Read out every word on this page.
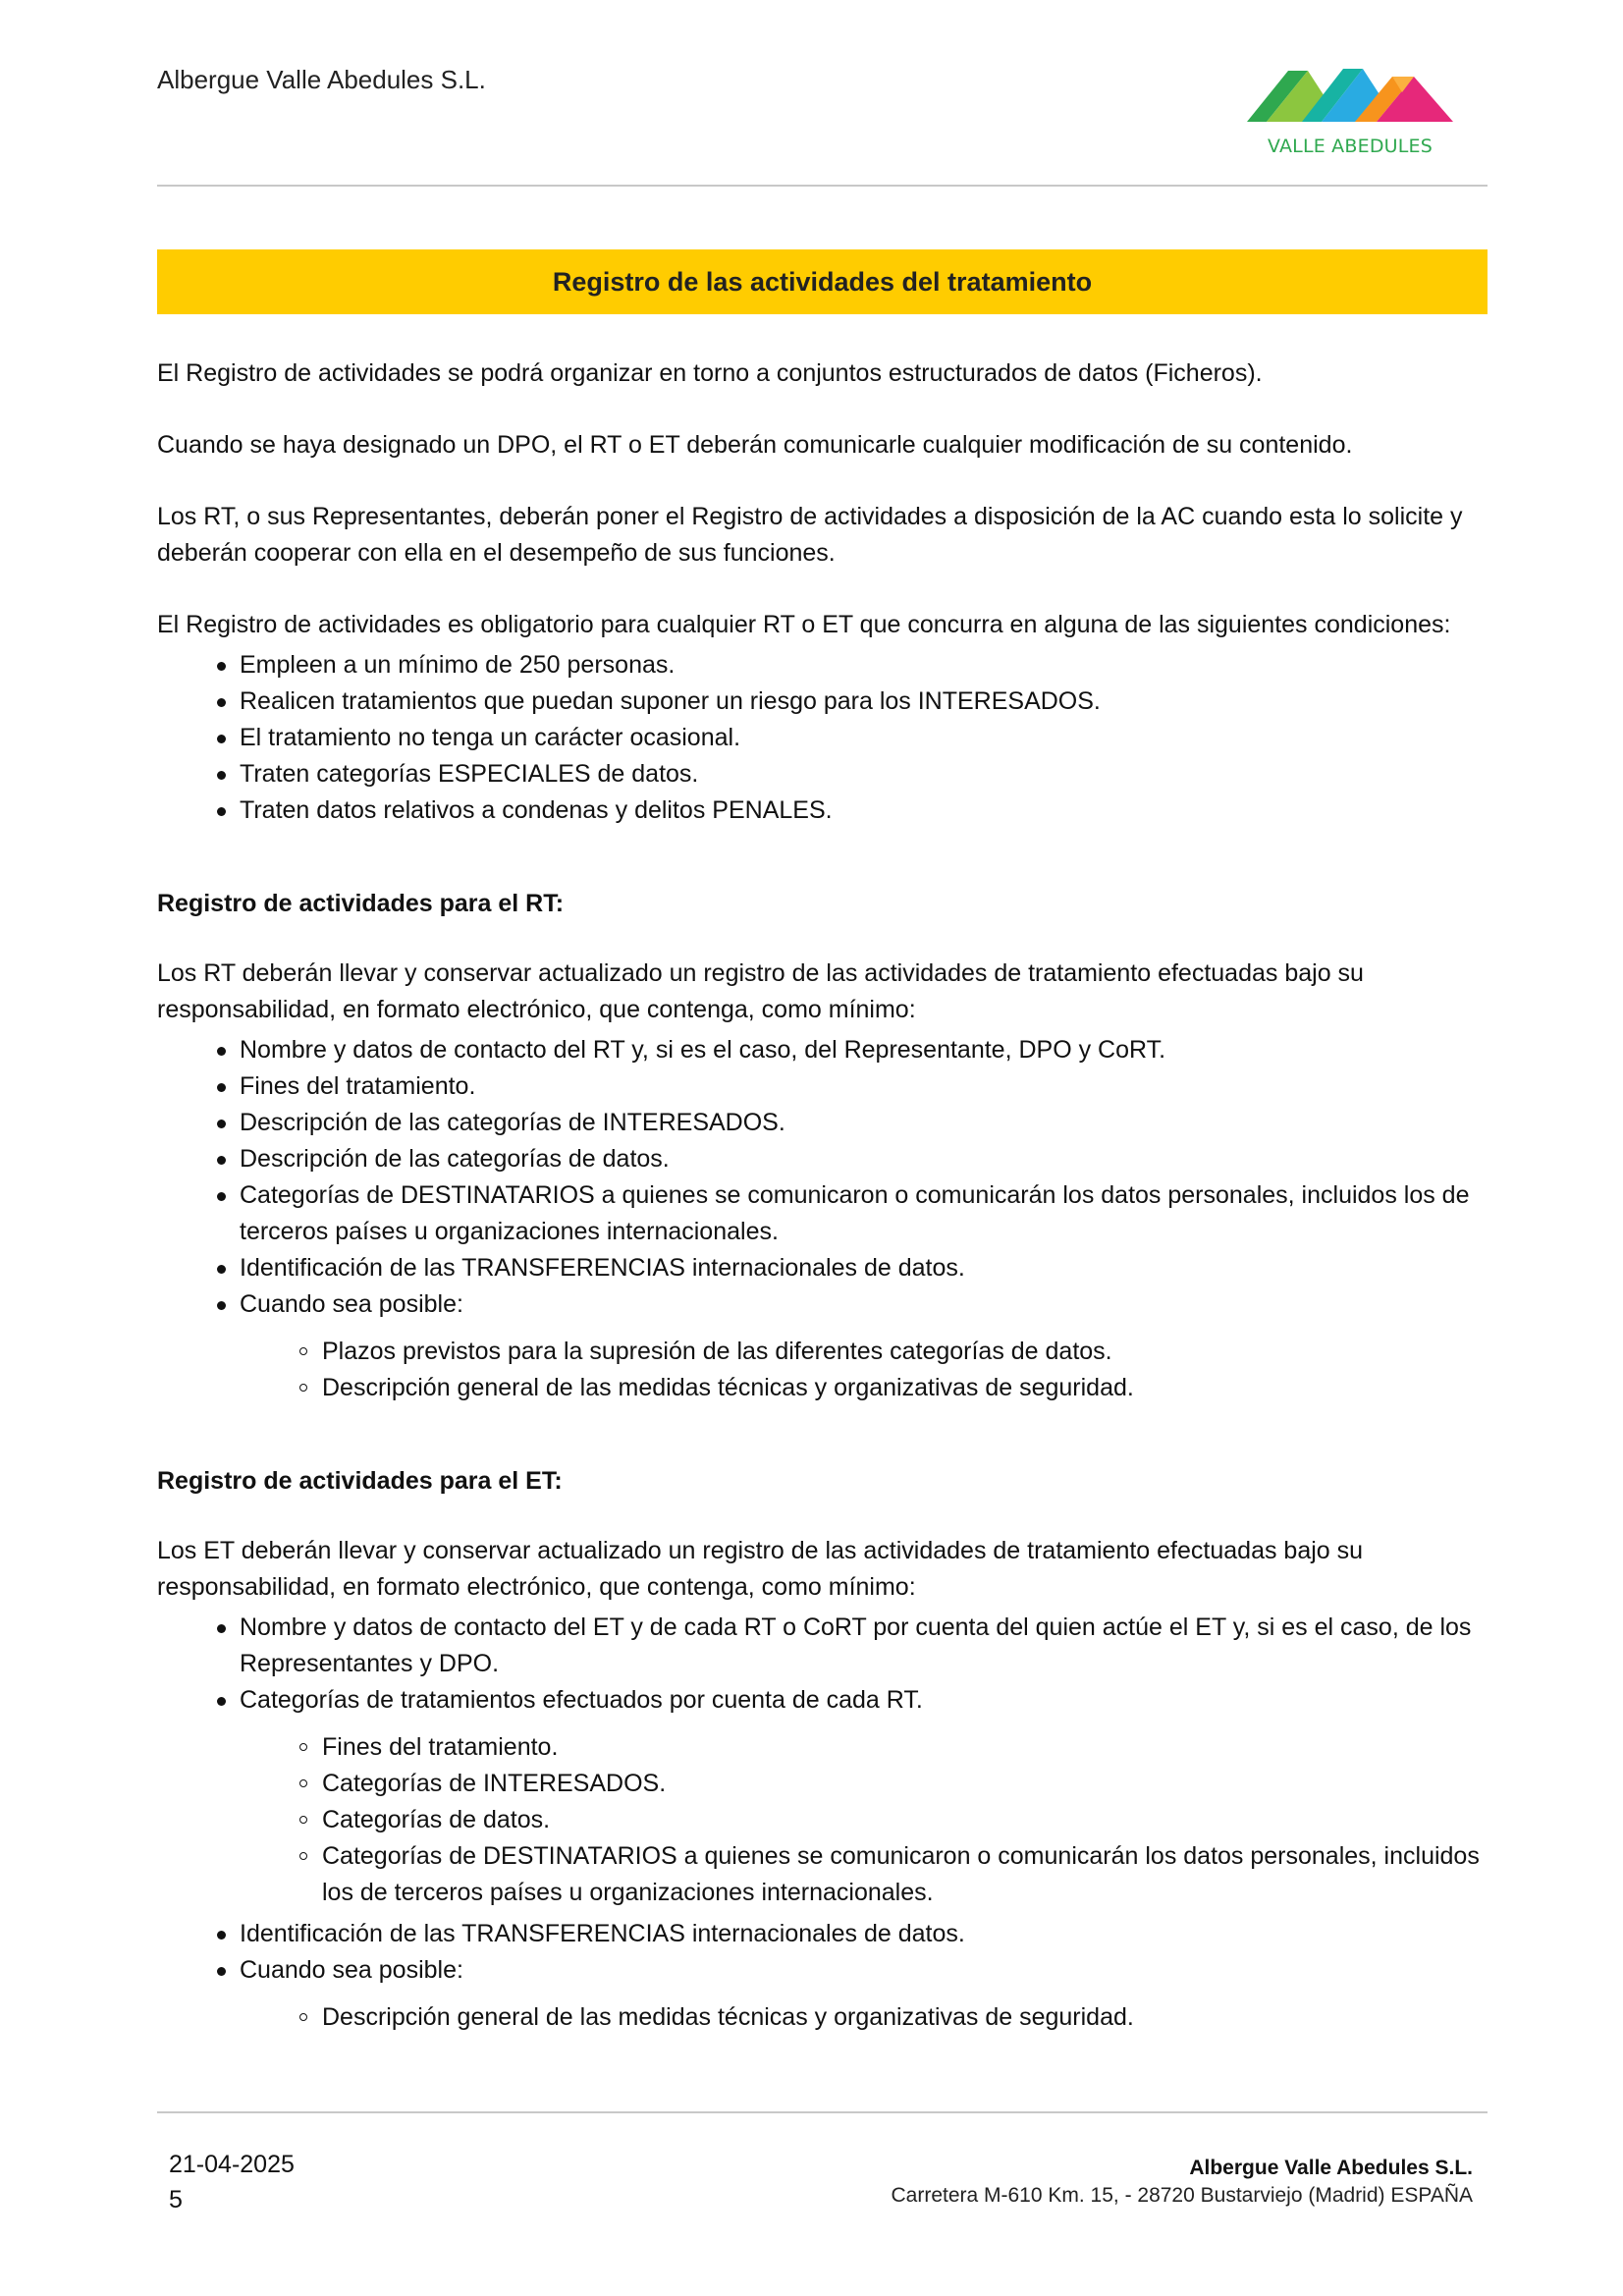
Albergue Valle Abedules S.L.
VALLE ABEDULES
Registro de las actividades del tratamiento

El Registro de actividades se podrá organizar en torno a conjuntos estructurados de datos (Ficheros).

Cuando se haya designado un DPO, el RT o ET deberán comunicarle cualquier modificación de su contenido.

Los RT, o sus Representantes, deberán poner el Registro de actividades a disposición de la AC cuando esta lo solicite y deberán cooperar con ella en el desempeño de sus funciones.

El Registro de actividades es obligatorio para cualquier RT o ET que concurra en alguna de las siguientes condiciones:

Empleen a un mínimo de 250 personas.
Realicen tratamientos que puedan suponer un riesgo para los INTERESADOS.
El tratamiento no tenga un carácter ocasional.
Traten categorías ESPECIALES de datos.
Traten datos relativos a condenas y delitos PENALES.
Registro de actividades para el RT:

Los RT deberán llevar y conservar actualizado un registro de las actividades de tratamiento efectuadas bajo su responsabilidad, en formato electrónico, que contenga, como mínimo:

Nombre y datos de contacto del RT y, si es el caso, del Representante, DPO y CoRT.
Fines del tratamiento.
Descripción de las categorías de INTERESADOS.
Descripción de las categorías de datos.
Categorías de DESTINATARIOS a quienes se comunicaron o comunicarán los datos personales, incluidos los de terceros países u organizaciones internacionales.
Identificación de las TRANSFERENCIAS internacionales de datos.
Cuando sea posible:
Plazos previstos para la supresión de las diferentes categorías de datos.
Descripción general de las medidas técnicas y organizativas de seguridad.
Registro de actividades para el ET:

Los ET deberán llevar y conservar actualizado un registro de las actividades de tratamiento efectuadas bajo su responsabilidad, en formato electrónico, que contenga, como mínimo:

Nombre y datos de contacto del ET y de cada RT o CoRT por cuenta del quien actúe el ET y, si es el caso, de los Representantes y DPO.
Categorías de tratamientos efectuados por cuenta de cada RT.
Fines del tratamiento.
Categorías de INTERESADOS.
Categorías de datos.
Categorías de DESTINATARIOS a quienes se comunicaron o comunicarán los datos personales, incluidos los de terceros países u organizaciones internacionales.
Identificación de las TRANSFERENCIAS internacionales de datos.
Cuando sea posible:
Descripción general de las medidas técnicas y organizativas de seguridad.
21-04-2025
5
Albergue Valle Abedules S.L.
Carretera M-610 Km. 15, - 28720 Bustarviejo (Madrid) ESPAÑA
